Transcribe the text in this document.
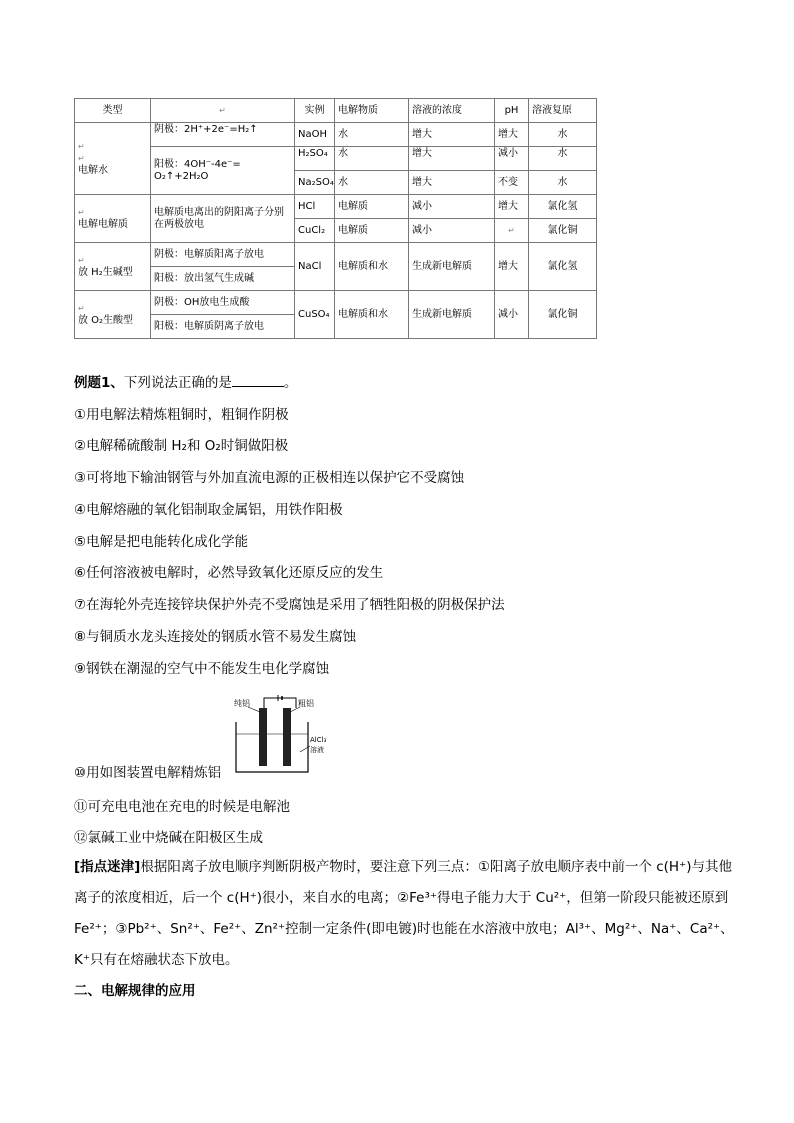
类型	↵	实例	电解物质	溶液的浓度	pH	溶液复原

↵
↵
电解水	阴极：2H⁺+2e⁻=H₂↑	NaOH	水	增大	增大	水
		H₂SO₄	水	增大	减小	水
	阳极：4OH⁻-4e⁻= O₂↑+2H₂O					
		Na₂SO₄	水	增大	不变	水

↵
电解电解质	电解质电离出的阴阳离子分别在两极放电	HCl	电解质	减小	增大	氯化氢
		CuCl₂	电解质	减小	↵	氯化铜

↵
放 H₂生碱型	阴极：电解质阳离子放电	NaCl	电解质和水	生成新电解质	增大	氯化氢
	阳极：放出氢气生成碱					

↵
放 O₂生酸型	阴极：OH放电生成酸	CuSO₄	电解质和水	生成新电解质	减小	氯化铜
	阳极：电解质阴离子放电					
例题1、下列说法正确的是	。
①用电解法精炼粗铜时，粗铜作阴极
②电解稀硫酸制 H₂和 O₂时铜做阳极
③可将地下输油钢管与外加直流电源的正极相连以保护它不受腐蚀
④电解熔融的氧化铝制取金属铝，用铁作阳极
⑤电解是把电能转化成化学能
⑥任何溶液被电解时，必然导致氧化还原反应的发生
⑦在海轮外壳连接锌块保护外壳不受腐蚀是采用了牺牲阳极的阴极保护法
⑧与铜质水龙头连接处的钢质水管不易发生腐蚀
⑨钢铁在潮湿的空气中不能发生电化学腐蚀
⑩用如图装置电解精炼铝
⑪可充电电池在充电的时候是电解池
⑫氯碱工业中烧碱在阳极区生成
纯铝	粗铝
AlCl₃
溶液
[指点迷津]根据阳离子放电顺序判断阴极产物时，要注意下列三点：①阳离子放电顺序表中前一个 c(H⁺)与其他离子的浓度相近，后一个 c(H⁺)很小，来自水的电离；②Fe³⁺得电子能力大于 Cu²⁺，但第一阶段只能被还原到 Fe²⁺；③Pb²⁺、Sn²⁺、Fe²⁺、Zn²⁺控制一定条件(即电镀)时也能在水溶液中放电；Al³⁺、Mg²⁺、Na⁺、Ca²⁺、K⁺只有在熔融状态下放电。
二、电解规律的应用
